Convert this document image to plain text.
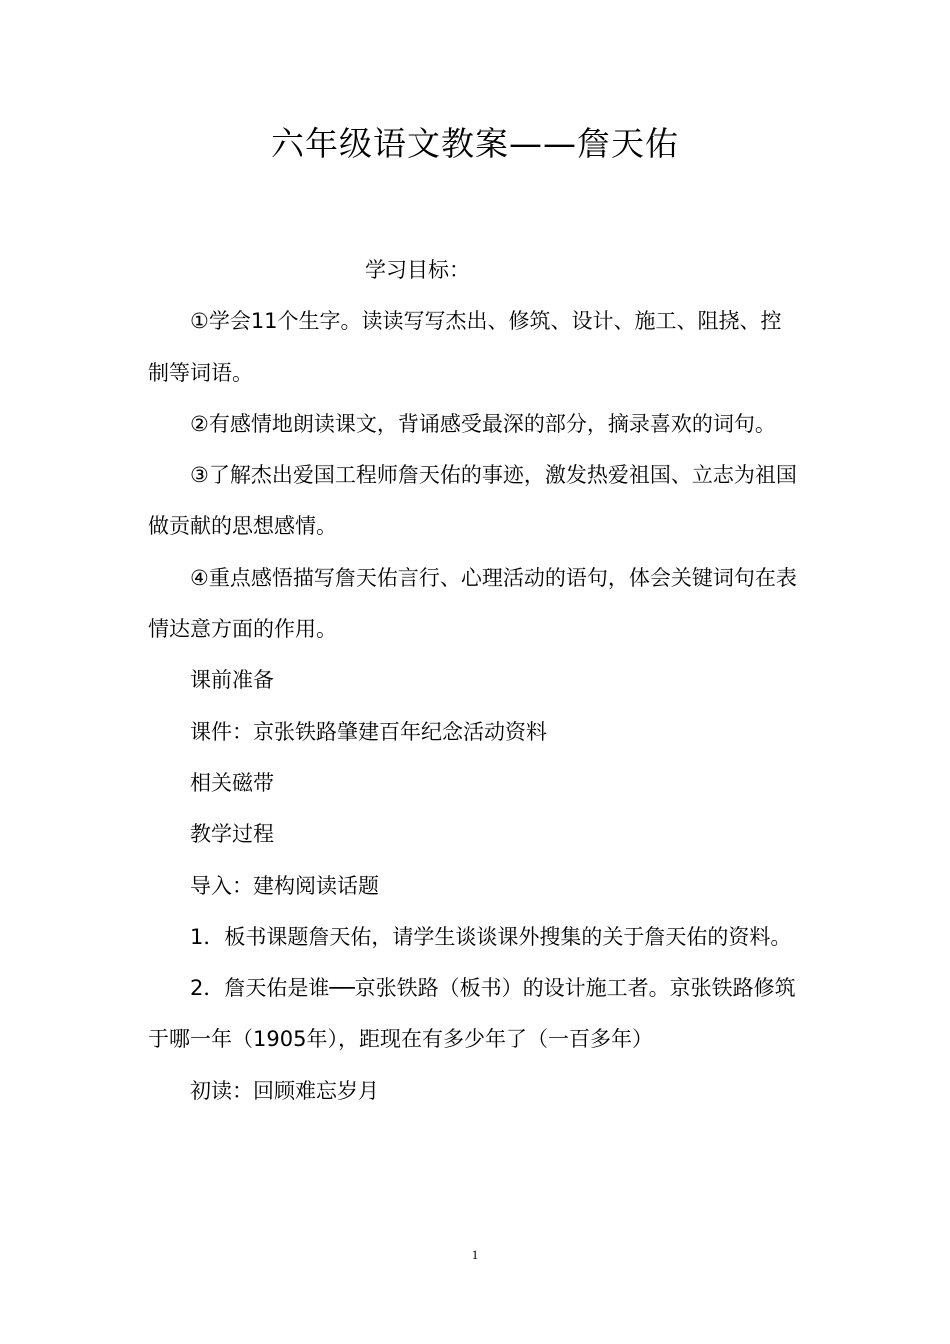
六年级语文教案——詹天佑

学习目标：

①学会11个生字。读读写写杰出、修筑、设计、施工、阻挠、控制等词语。

②有感情地朗读课文，背诵感受最深的部分，摘录喜欢的词句。

③了解杰出爱国工程师詹天佑的事迹，激发热爱祖国、立志为祖国做贡献的思想感情。

④重点感悟描写詹天佑言行、心理活动的语句，体会关键词句在表情达意方面的作用。

课前准备

课件：京张铁路肇建百年纪念活动资料

相关磁带

教学过程

导入：建构阅读话题

1．板书课题詹天佑，请学生谈谈课外搜集的关于詹天佑的资料。

2．詹天佑是谁──京张铁路（板书）的设计施工者。京张铁路修筑于哪一年（1905年），距现在有多少年了（一百多年）

初读：回顾难忘岁月

1
